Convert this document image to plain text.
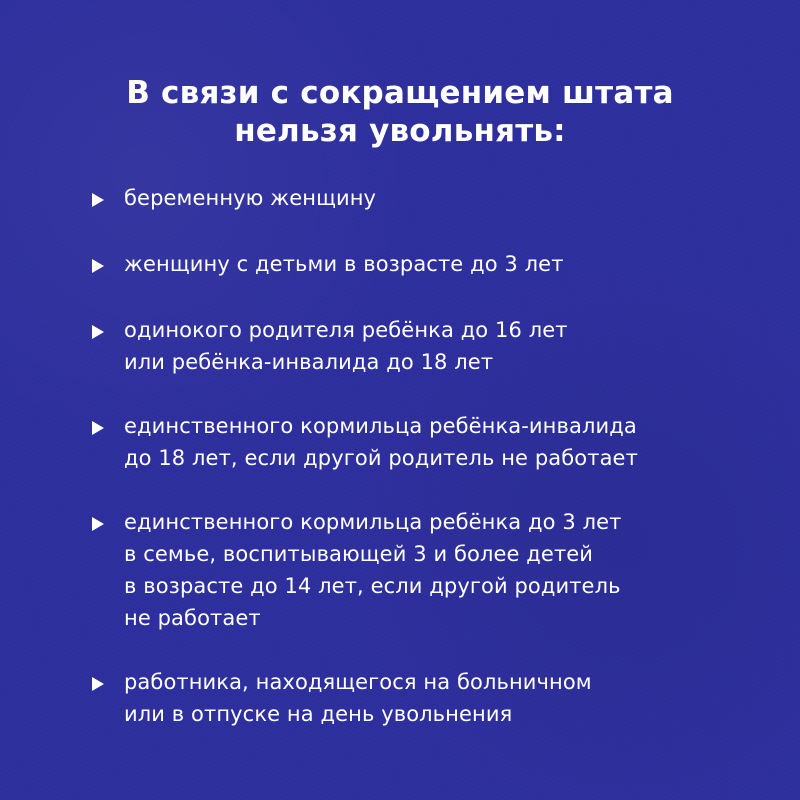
В связи с сокращением штата
нельзя увольнять:
беременную женщину
женщину с детьми в возрасте до 3 лет
одинокого родителя ребёнка до 16 лет
или ребёнка-инвалида до 18 лет
единственного кормильца ребёнка-инвалида
до 18 лет, если другой родитель не работает
единственного кормильца ребёнка до 3 лет
в семье, воспитывающей 3 и более детей
в возрасте до 14 лет, если другой родитель
не работает
работника, находящегося на больничном
или в отпуске на день увольнения
